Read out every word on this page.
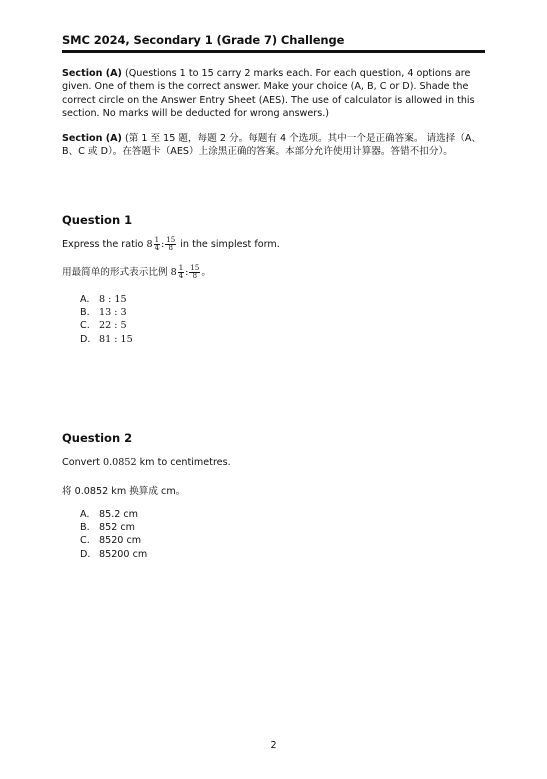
SMC 2024, Secondary 1 (Grade 7) Challenge
Section (A) (Questions 1 to 15 carry 2 marks each. For each question, 4 options are given. One of them is the correct answer. Make your choice (A, B, C or D). Shade the correct circle on the Answer Entry Sheet (AES). The use of calculator is allowed in this section. No marks will be deducted for wrong answers.)
Section (A) (第 1 至 15 题，每题 2 分。每题有 4 个选项。其中一个是正确答案。 请选择（A、B、C 或 D）。在答题卡（AES）上涂黑正确的答案。本部分允许使用计算器。答错不扣分）。
Question 1
Express the ratio $8 \frac{1}{4}$ : $\frac{15}{8}$ in the simplest form.
用最简单的形式表示比例 $8 \frac{1}{4}$ : $\frac{15}{8}$ 。
A. 8 : 15
B. 13 : 3
C. 22 : 5
D. 81 : 15
Question 2
Convert 0.0852 km to centimetres.
将 0.0852 km 换算成 cm。
A. 85.2 cm
B. 852 cm
C. 8520 cm
D. 85200 cm
2
